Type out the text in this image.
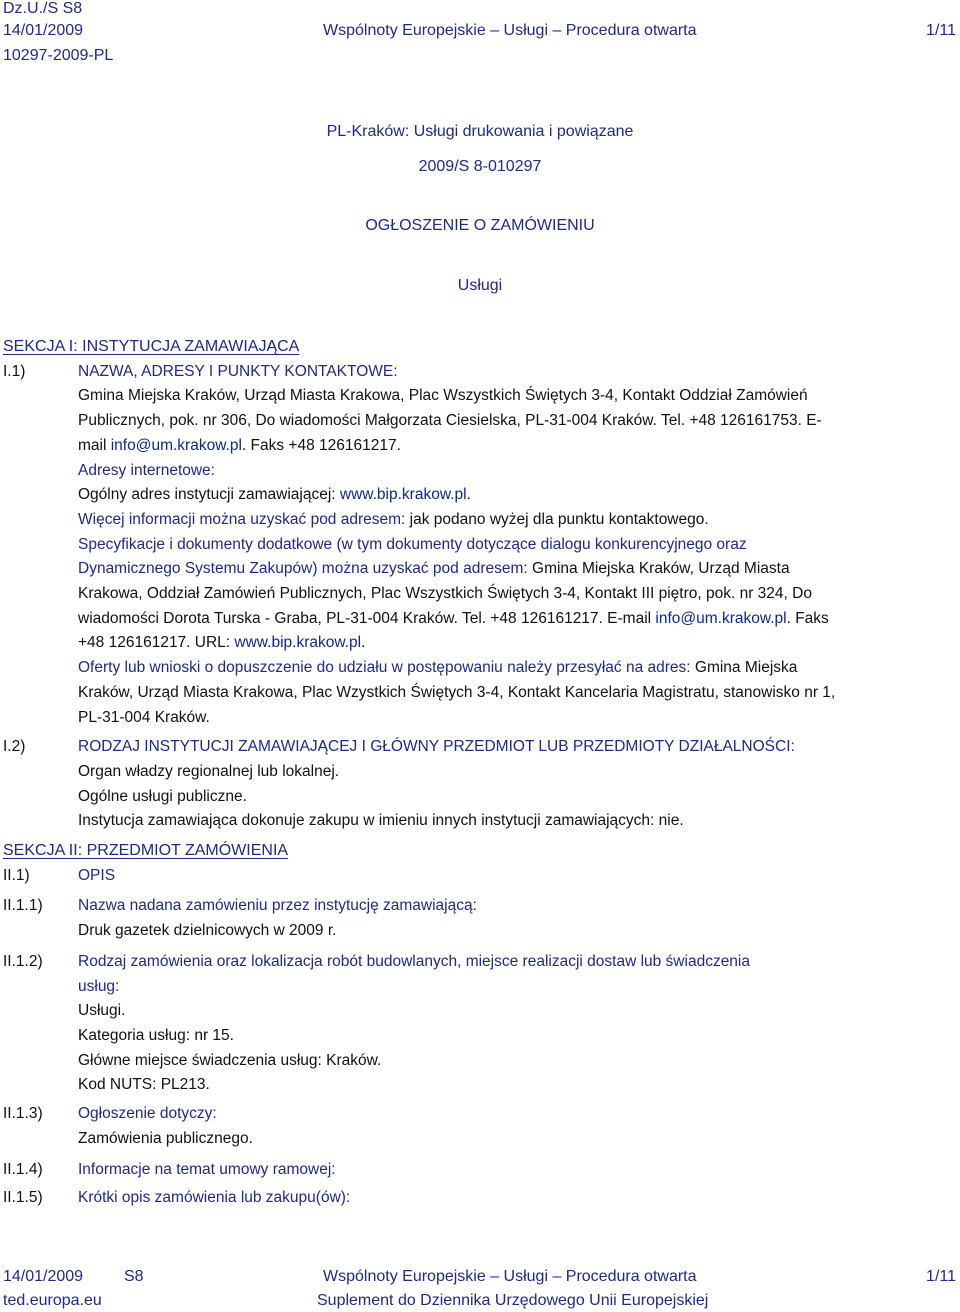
Dz.U./S S8
14/01/2009
10297-2009-PL
Wspólnoty Europejskie – Usługi – Procedura otwarta	1/11
PL-Kraków: Usługi drukowania i powiązane
2009/S 8-010297
OGŁOSZENIE O ZAMÓWIENIU
Usługi
SEKCJA I: INSTYTUCJA ZAMAWIAJĄCA
I.1)	NAZWA, ADRESY I PUNKTY KONTAKTOWE:
Gmina Miejska Kraków, Urząd Miasta Krakowa, Plac Wszystkich Świętych 3-4, Kontakt Oddział Zamówień
Publicznych, pok. nr 306, Do wiadomości Małgorzata Ciesielska, PL-31-004 Kraków. Tel. +48 126161753. E-
mail info@um.krakow.pl. Faks +48 126161217.
Adresy internetowe:
Ogólny adres instytucji zamawiającej: www.bip.krakow.pl.
Więcej informacji można uzyskać pod adresem: jak podano wyżej dla punktu kontaktowego.
Specyfikacje i dokumenty dodatkowe (w tym dokumenty dotyczące dialogu konkurencyjnego oraz
Dynamicznego Systemu Zakupów) można uzyskać pod adresem: Gmina Miejska Kraków, Urząd Miasta
Krakowa, Oddział Zamówień Publicznych, Plac Wszystkich Świętych 3-4, Kontakt III piętro, pok. nr 324, Do
wiadomości Dorota Turska - Graba, PL-31-004 Kraków. Tel. +48 126161217. E-mail info@um.krakow.pl. Faks
+48 126161217. URL: www.bip.krakow.pl.
Oferty lub wnioski o dopuszczenie do udziału w postępowaniu należy przesyłać na adres: Gmina Miejska
Kraków, Urząd Miasta Krakowa, Plac Wzystkich Świętych 3-4, Kontakt Kancelaria Magistratu, stanowisko nr 1,
PL-31-004 Kraków.
I.2)	RODZAJ INSTYTUCJI ZAMAWIAJĄCEJ I GŁÓWNY PRZEDMIOT LUB PRZEDMIOTY DZIAŁALNOŚCI:
Organ władzy regionalnej lub lokalnej.
Ogólne usługi publiczne.
Instytucja zamawiająca dokonuje zakupu w imieniu innych instytucji zamawiających: nie.
SEKCJA II: PRZEDMIOT ZAMÓWIENIA
II.1)	OPIS
II.1.1)	Nazwa nadana zamówieniu przez instytucję zamawiającą:
Druk gazetek dzielnicowych w 2009 r.
II.1.2)	Rodzaj zamówienia oraz lokalizacja robót budowlanych, miejsce realizacji dostaw lub świadczenia
usług:
Usługi.
Kategoria usług: nr 15.
Główne miejsce świadczenia usług: Kraków.
Kod NUTS: PL213.
II.1.3)	Ogłoszenie dotyczy:
Zamówienia publicznego.
II.1.4)	Informacje na temat umowy ramowej:
II.1.5)	Krótki opis zamówienia lub zakupu(ów):
14/01/2009	S8
ted.europa.eu
Wspólnoty Europejskie – Usługi – Procedura otwarta
Suplement do Dziennika Urzędowego Unii Europejskiej
1/11
